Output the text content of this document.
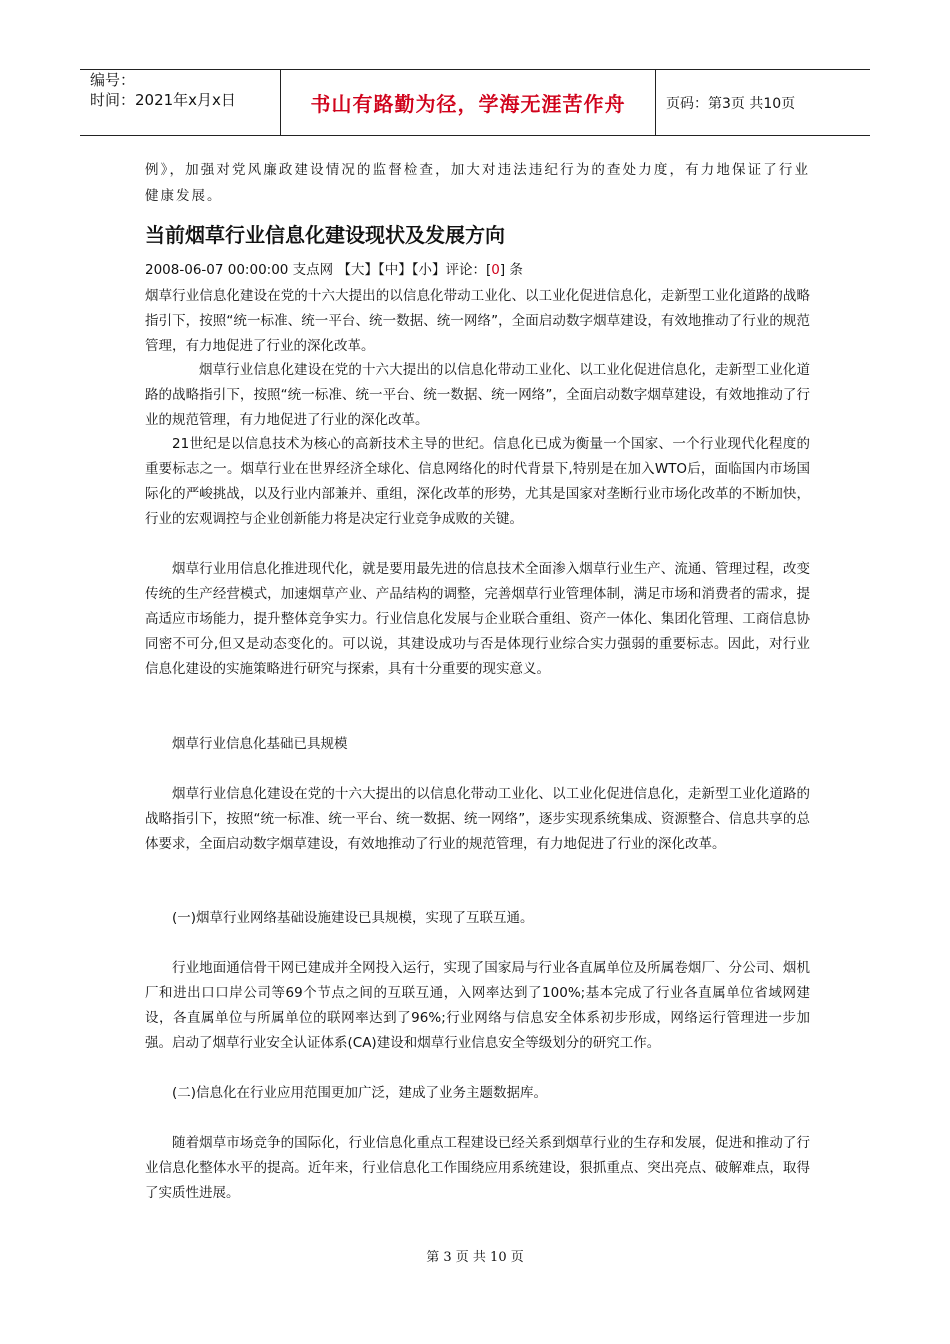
编号：
时间：2021年x月x日	书山有路勤为径，学海无涯苦作舟	页码：第3页 共10页

例》，加强对党风廉政建设情况的监督检查，加大对违法违纪行为的查处力度，有力地保证了行业健康发展。

当前烟草行业信息化建设现状及发展方向
2008-06-07 00:00:00 支点网 【大】【中】【小】评论：[0] 条

烟草行业信息化建设在党的十六大提出的以信息化带动工业化、以工业化促进信息化，走新型工业化道路的战略指引下，按照“统一标准、统一平台、统一数据、统一网络”，全面启动数字烟草建设，有效地推动了行业的规范管理，有力地促进了行业的深化改革。

烟草行业信息化建设在党的十六大提出的以信息化带动工业化、以工业化促进信息化，走新型工业化道路的战略指引下，按照“统一标准、统一平台、统一数据、统一网络”，全面启动数字烟草建设，有效地推动了行业的规范管理，有力地促进了行业的深化改革。

21世纪是以信息技术为核心的高新技术主导的世纪。信息化已成为衡量一个国家、一个行业现代化程度的重要标志之一。烟草行业在世界经济全球化、信息网络化的时代背景下,特别是在加入WTO后，面临国内市场国际化的严峻挑战，以及行业内部兼并、重组，深化改革的形势，尤其是国家对垄断行业市场化改革的不断加快，行业的宏观调控与企业创新能力将是决定行业竞争成败的关键。

烟草行业用信息化推进现代化，就是要用最先进的信息技术全面渗入烟草行业生产、流通、管理过程，改变传统的生产经营模式，加速烟草产业、产品结构的调整，完善烟草行业管理体制，满足市场和消费者的需求，提高适应市场能力，提升整体竞争实力。行业信息化发展与企业联合重组、资产一体化、集团化管理、工商信息协同密不可分,但又是动态变化的。可以说，其建设成功与否是体现行业综合实力强弱的重要标志。因此，对行业信息化建设的实施策略进行研究与探索，具有十分重要的现实意义。

烟草行业信息化基础已具规模

烟草行业信息化建设在党的十六大提出的以信息化带动工业化、以工业化促进信息化，走新型工业化道路的战略指引下，按照“统一标准、统一平台、统一数据、统一网络”，逐步实现系统集成、资源整合、信息共享的总体要求，全面启动数字烟草建设，有效地推动了行业的规范管理，有力地促进了行业的深化改革。

(一)烟草行业网络基础设施建设已具规模，实现了互联互通。

行业地面通信骨干网已建成并全网投入运行，实现了国家局与行业各直属单位及所属卷烟厂、分公司、烟机厂和进出口口岸公司等69个节点之间的互联互通，入网率达到了100%;基本完成了行业各直属单位省域网建设，各直属单位与所属单位的联网率达到了96%;行业网络与信息安全体系初步形成，网络运行管理进一步加强。启动了烟草行业安全认证体系(CA)建设和烟草行业信息安全等级划分的研究工作。

(二)信息化在行业应用范围更加广泛，建成了业务主题数据库。

随着烟草市场竞争的国际化，行业信息化重点工程建设已经关系到烟草行业的生存和发展，促进和推动了行业信息化整体水平的提高。近年来，行业信息化工作围绕应用系统建设，狠抓重点、突出亮点、破解难点，取得了实质性进展。

第 3 页 共 10 页
